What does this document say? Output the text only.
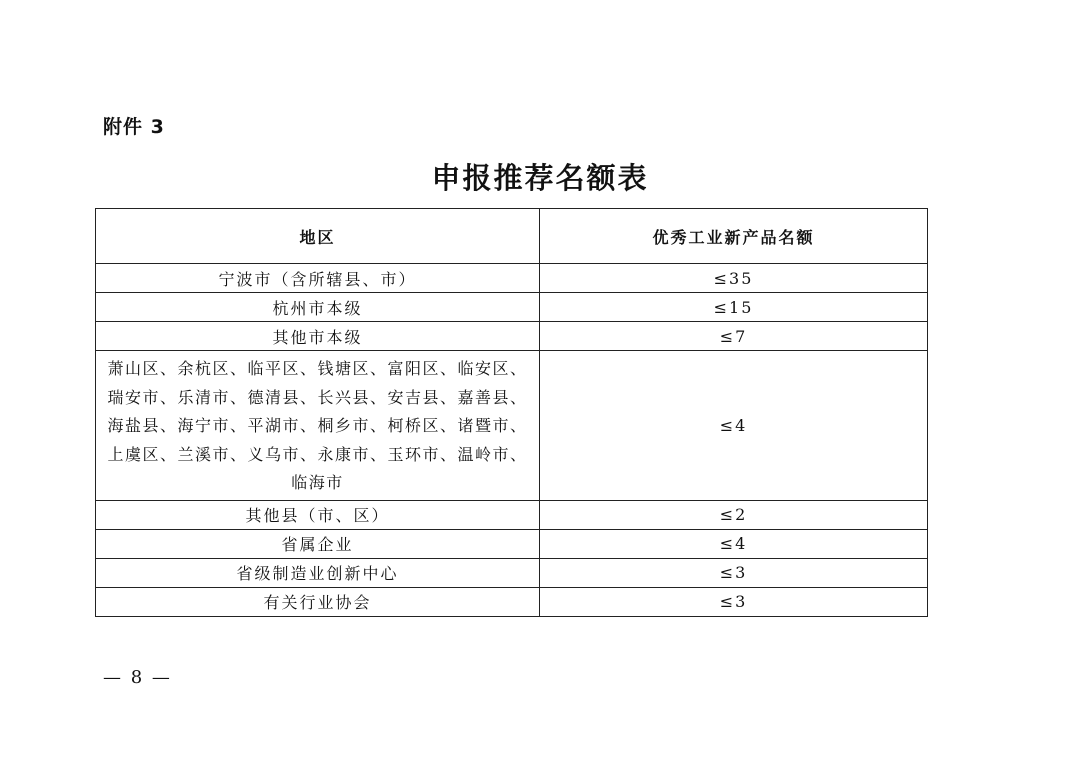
附件 3
申报推荐名额表
地区	优秀工业新产品名额
宁波市（含所辖县、市）	≤35
杭州市本级	≤15
其他市本级	≤7

萧山区、余杭区、临平区、钱塘区、富阳区、临安区、
瑞安市、乐清市、德清县、长兴县、安吉县、嘉善县、
海盐县、海宁市、平湖市、桐乡市、柯桥区、诸暨市、
上虞区、兰溪市、义乌市、永康市、玉环市、温岭市、
临海市	≤4
其他县（市、区）	≤2
省属企业	≤4
省级制造业创新中心	≤3
有关行业协会	≤3
— 8 —
